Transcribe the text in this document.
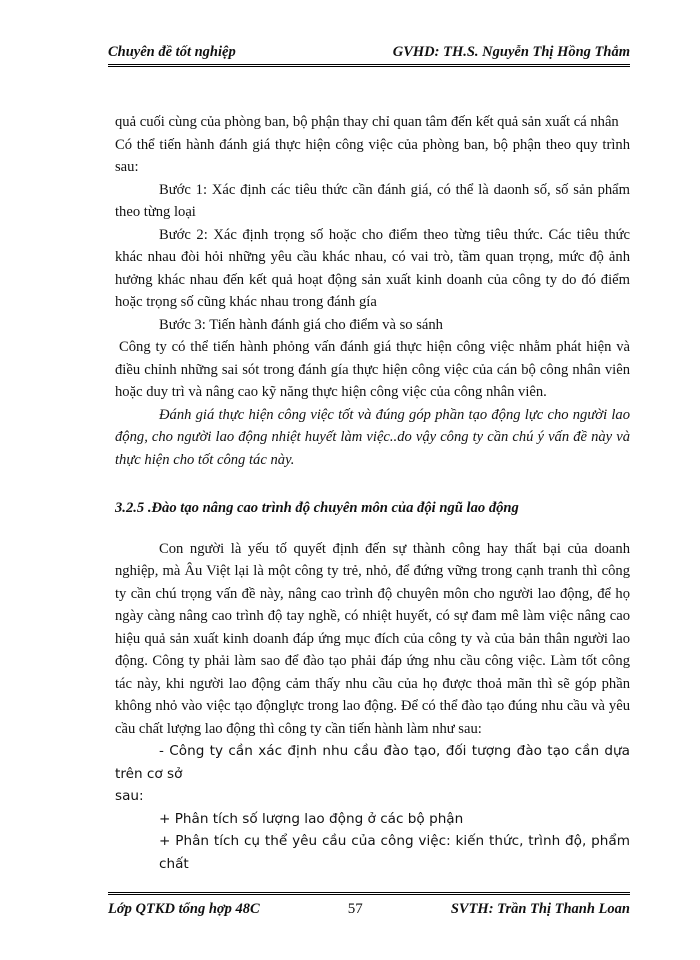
Chuyên đề tốt nghiệp	GVHD: TH.S. Nguyễn Thị Hồng Thắm

quả cuối cùng của phòng ban, bộ phận thay chỉ quan tâm đến kết quả sản xuất cá nhân

Có thể tiến hành đánh giá thực hiện công việc của phòng ban, bộ phận theo quy trình sau:

Bước 1: Xác định các tiêu thức cần đánh giá, có thể là daonh số, số sản phẩm theo từng loại

Bước 2: Xác định trọng số hoặc cho điểm theo từng tiêu thức. Các tiêu thức khác nhau đòi hỏi những yêu cầu khác nhau, có vai trò, tầm quan trọng, mức độ ảnh hưởng khác nhau đến kết quả hoạt động sản xuất kinh doanh của công ty do đó điểm hoặc trọng số cũng khác nhau trong đánh gía

Bước 3: Tiến hành đánh giá cho điểm và so sánh

Công ty có thể tiến hành phỏng vấn đánh giá thực hiện công việc nhằm phát hiện và điều chỉnh những sai sót trong đánh gía thực hiện công việc của cán bộ công nhân viên hoặc duy trì và nâng cao kỹ năng thực hiện công việc của công nhân viên.

Đánh giá thực hiện công việc tốt và đúng góp phần tạo động lực cho người lao động, cho người lao động nhiệt huyết làm việc..do vậy công ty cần chú ý vấn đề này và thực hiện cho tốt công tác này.

3.2.5 .Đào tạo nâng cao trình độ chuyên môn của đội ngũ lao động

Con người là yếu tố quyết định đến sự thành công hay thất bại của doanh nghiệp, mà Âu Việt lại là một công ty trẻ, nhỏ, để đứng vững trong cạnh tranh thì công ty cần chú trọng vấn đề này, nâng cao trình độ chuyên môn cho người lao động, để họ ngày càng nâng cao trình độ tay nghề, có nhiệt huyết, có sự đam mê làm việc nâng cao hiệu quả sản xuất kinh doanh đáp ứng mục đích của công ty và của bản thân người lao động. Công ty phải làm sao để đào tạo phải đáp ứng nhu cầu công việc. Làm tốt công tác này, khi người lao động cảm thấy nhu cầu của họ được thoả mãn thì sẽ góp phần không nhỏ vào việc tạo độnglực trong lao động. Để có thể đào tạo đúng nhu cầu và yêu cầu chất lượng lao động thì công ty cần tiến hành làm như sau:

- Công ty cần xác định nhu cầu đào tạo, đối tượng đào tạo cần dựa trên cơ sở

sau:

+ Phân tích số lượng lao động ở các bộ phận

+ Phân tích cụ thể yêu cầu của công việc: kiến thức, trình độ, phẩm chất

Lớp QTKD tổng hợp 48C	57	SVTH: Trần Thị Thanh Loan
